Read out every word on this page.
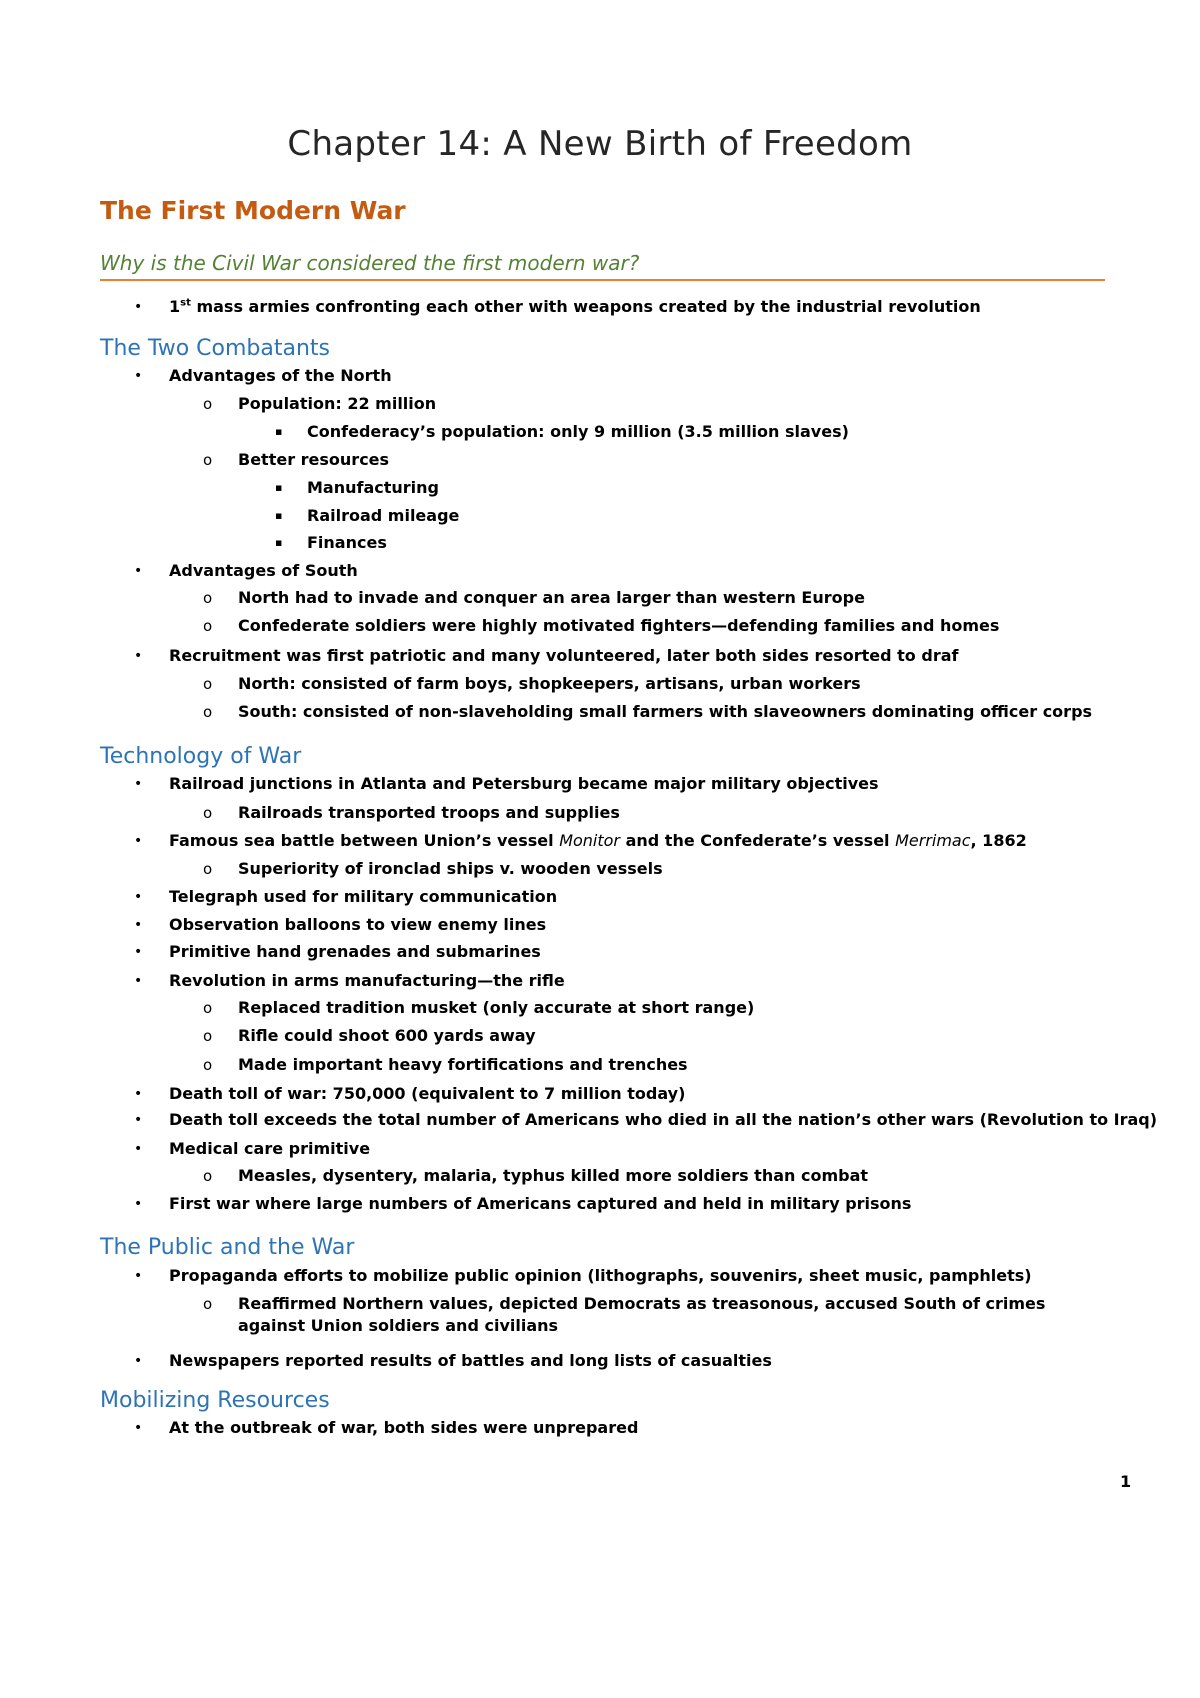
Chapter 14: A New Birth of Freedom
The First Modern War
Why is the Civil War considered the first modern war?
• 1st mass armies confronting each other with weapons created by the industrial revolution
The Two Combatants
• Advantages of the North
o Population: 22 million
▪ Confederacy’s population: only 9 million (3.5 million slaves)
o Better resources
▪ Manufacturing
▪ Railroad mileage
▪ Finances
• Advantages of South
o North had to invade and conquer an area larger than western Europe
o Confederate soldiers were highly motivated fighters—defending families and homes
• Recruitment was first patriotic and many volunteered, later both sides resorted to draf
o North: consisted of farm boys, shopkeepers, artisans, urban workers
o South: consisted of non-slaveholding small farmers with slaveowners dominating officer corps
Technology of War
• Railroad junctions in Atlanta and Petersburg became major military objectives
o Railroads transported troops and supplies
• Famous sea battle between Union’s vessel Monitor and the Confederate’s vessel Merrimac, 1862
o Superiority of ironclad ships v. wooden vessels
• Telegraph used for military communication
• Observation balloons to view enemy lines
• Primitive hand grenades and submarines
• Revolution in arms manufacturing—the rifle
o Replaced tradition musket (only accurate at short range)
o Rifle could shoot 600 yards away
o Made important heavy fortifications and trenches
• Death toll of war: 750,000 (equivalent to 7 million today)
• Death toll exceeds the total number of Americans who died in all the nation’s other wars (Revolution to Iraq)
• Medical care primitive
o Measles, dysentery, malaria, typhus killed more soldiers than combat
• First war where large numbers of Americans captured and held in military prisons
The Public and the War
• Propaganda efforts to mobilize public opinion (lithographs, souvenirs, sheet music, pamphlets)
o Reaffirmed Northern values, depicted Democrats as treasonous, accused South of crimes against Union soldiers and civilians
• Newspapers reported results of battles and long lists of casualties
Mobilizing Resources
• At the outbreak of war, both sides were unprepared
1
